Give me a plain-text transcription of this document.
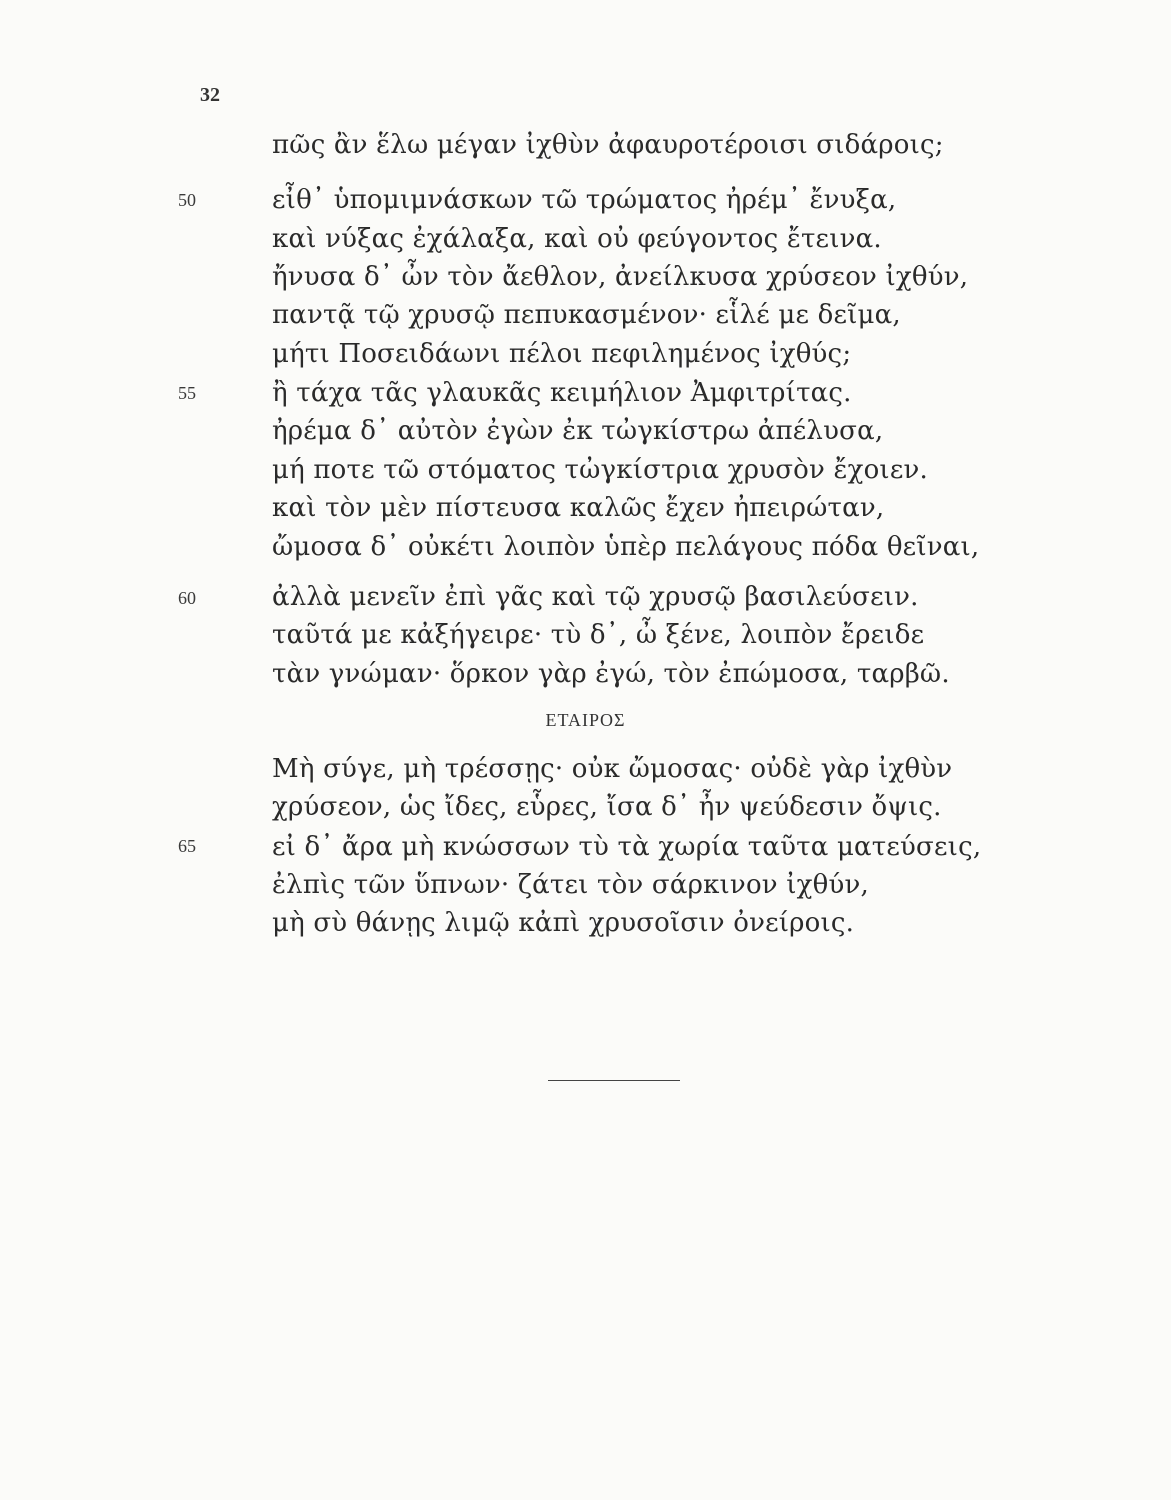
32
πῶς ἂν ἕλω μέγαν ἰχθὺν ἀφαυροτέροισι σιδάροις;
50	εἶθ᾽ ὑπομιμνάσκων τῶ τρώματος ἠρέμ᾽ ἔνυξα,
καὶ νύξας ἐχάλαξα, καὶ οὐ φεύγοντος ἔτεινα.
ἤνυσα δ᾽ ὦν τὸν ἄεθλον, ἀνείλκυσα χρύσεον ἰχθύν,
παντᾷ τῷ χρυσῷ πεπυκασμένον· εἷλέ με δεῖμα,
μήτι Ποσειδάωνι πέλοι πεφιλημένος ἰχθύς;
55	ἢ τάχα τᾶς γλαυκᾶς κειμήλιον Ἀμφιτρίτας.
ἠρέμα δ᾽ αὐτὸν ἐγὼν ἐκ τὠγκίστρω ἀπέλυσα,
μή ποτε τῶ στόματος τὠγκίστρια χρυσὸν ἔχοιεν.
καὶ τὸν μὲν πίστευσα καλῶς ἔχεν ἠπειρώταν,
ὤμοσα δ᾽ οὐκέτι λοιπὸν ὑπὲρ πελάγους πόδα θεῖναι,
60	ἀλλὰ μενεῖν ἐπὶ γᾶς καὶ τῷ χρυσῷ βασιλεύσειν.
ταῦτά με κἀξήγειρε· τὺ δ᾽, ὦ ξένε, λοιπὸν ἔρειδε
τὰν γνώμαν· ὅρκον γὰρ ἐγώ, τὸν ἐπώμοσα, ταρβῶ.
ΕΤΑΙΡΟΣ
Μὴ σύγε, μὴ τρέσσῃς· οὐκ ὤμοσας· οὐδὲ γὰρ ἰχθὺν
χρύσεον, ὡς ἴδες, εὗρες, ἴσα δ᾽ ἦν ψεύδεσιν ὄψις.
65	εἰ δ᾽ ἄρα μὴ κνώσσων τὺ τὰ χωρία ταῦτα ματεύσεις,
ἐλπὶς τῶν ὕπνων· ζάτει τὸν σάρκινον ἰχθύν,
μὴ σὺ θάνῃς λιμῷ κἀπὶ χρυσοῖσιν ὀνείροις.
